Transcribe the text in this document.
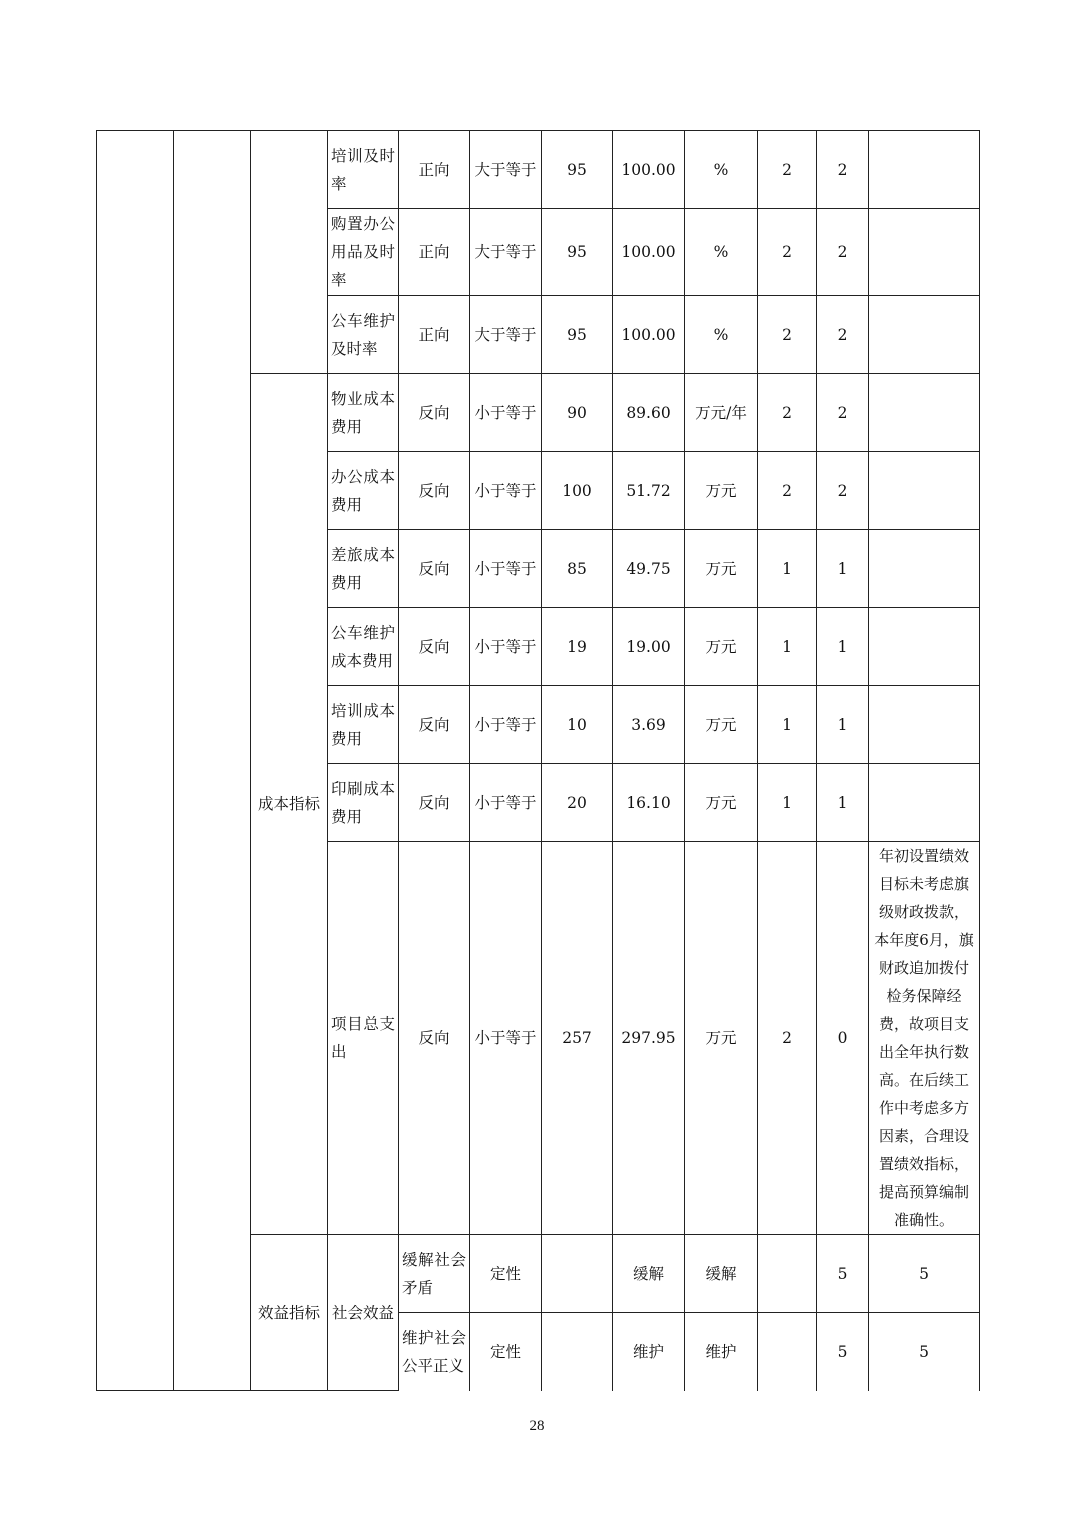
			培训及时率	正向	大于等于	95	100.00	%	2	2		
			购置办公用品及时率	正向	大于等于	95	100.00	%	2	2		
			公车维护及时率	正向	大于等于	95	100.00	%	2	2		
		成本指标	物业成本费用	反向	小于等于	90	89.60	万元/年	2	2		
			办公成本费用	反向	小于等于	100	51.72	万元	2	2		
			差旅成本费用	反向	小于等于	85	49.75	万元	1	1		
			公车维护成本费用	反向	小于等于	19	19.00	万元	1	1		
			培训成本费用	反向	小于等于	10	3.69	万元	1	1		
			印刷成本费用	反向	小于等于	20	16.10	万元	1	1		
			项目总支出	反向	小于等于	257	297.95	万元	2	0	年初设置绩效目标未考虑旗级财政拨款，本年度6月，旗财政追加拨付检务保障经费，故项目支出全年执行数高。在后续工作中考虑多方因素，合理设置绩效指标，提高预算编制准确性。	
		效益指标	社会效益	缓解社会矛盾	定性		缓解	缓解		5	5	
				维护社会公平正义	定性		维护	维护		5	5	
28
